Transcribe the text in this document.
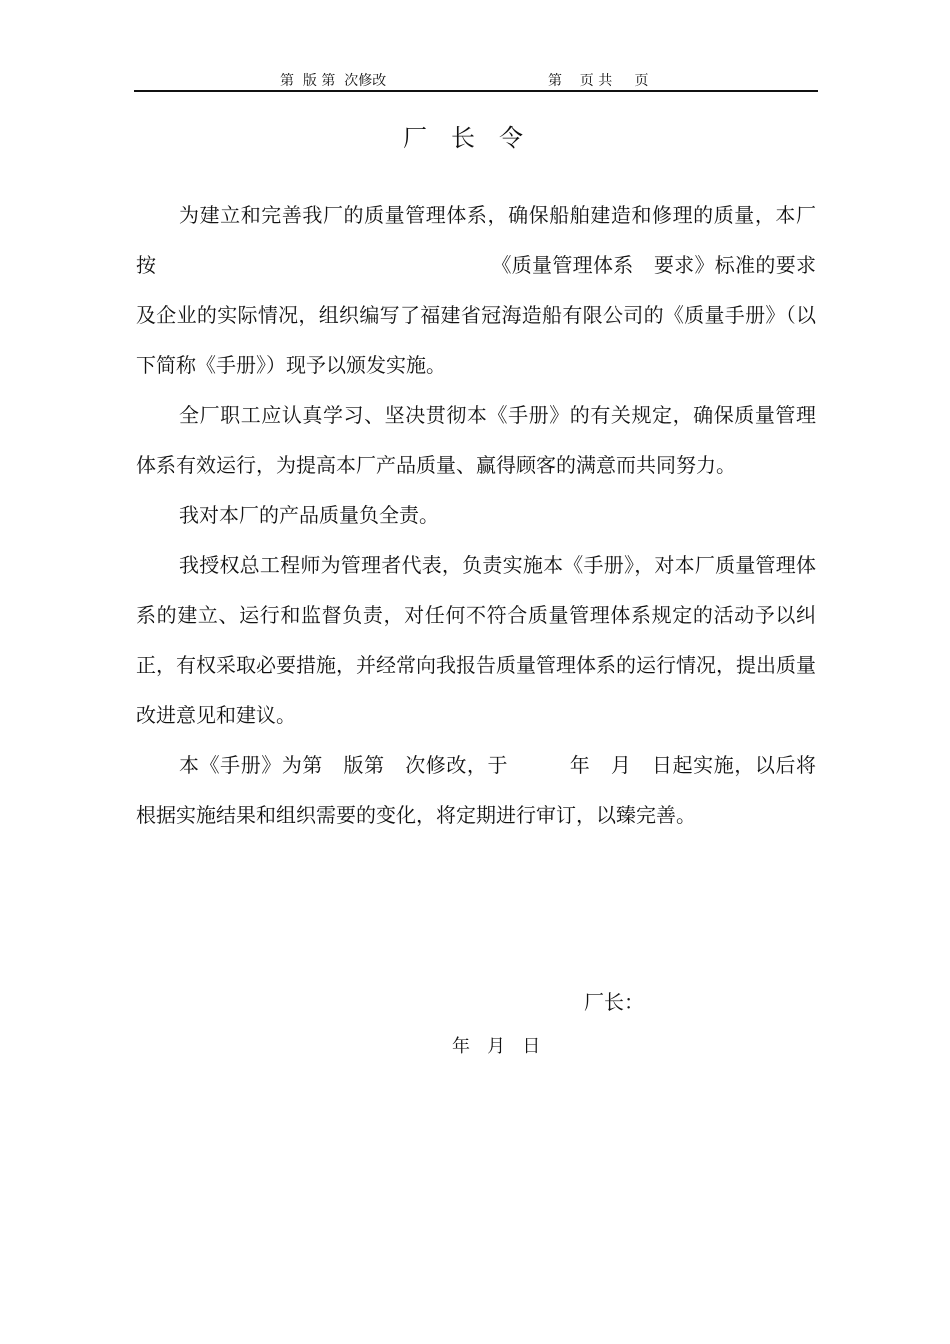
第  版 第  次修改	第    页 共     页
厂长令

为建立和完善我厂的质量管理体系，确保船舶建造和修理的质量，本厂按　　　　　　　　　　　　　　　　　《质量管理体系　要求》标准的要求及企业的实际情况，组织编写了福建省冠海造船有限公司的《质量手册》（以下简称《手册》）现予以颁发实施。

全厂职工应认真学习、坚决贯彻本《手册》的有关规定，确保质量管理体系有效运行，为提高本厂产品质量、赢得顾客的满意而共同努力。

我对本厂的产品质量负全责。

我授权总工程师为管理者代表，负责实施本《手册》，对本厂质量管理体系的建立、运行和监督负责，对任何不符合质量管理体系规定的活动予以纠正，有权采取必要措施，并经常向我报告质量管理体系的运行情况，提出质量改进意见和建议。

本《手册》为第　版第　次修改，于　　　年　月　日起实施，以后将根据实施结果和组织需要的变化，将定期进行审订，以臻完善。

厂长：
年   月   日
